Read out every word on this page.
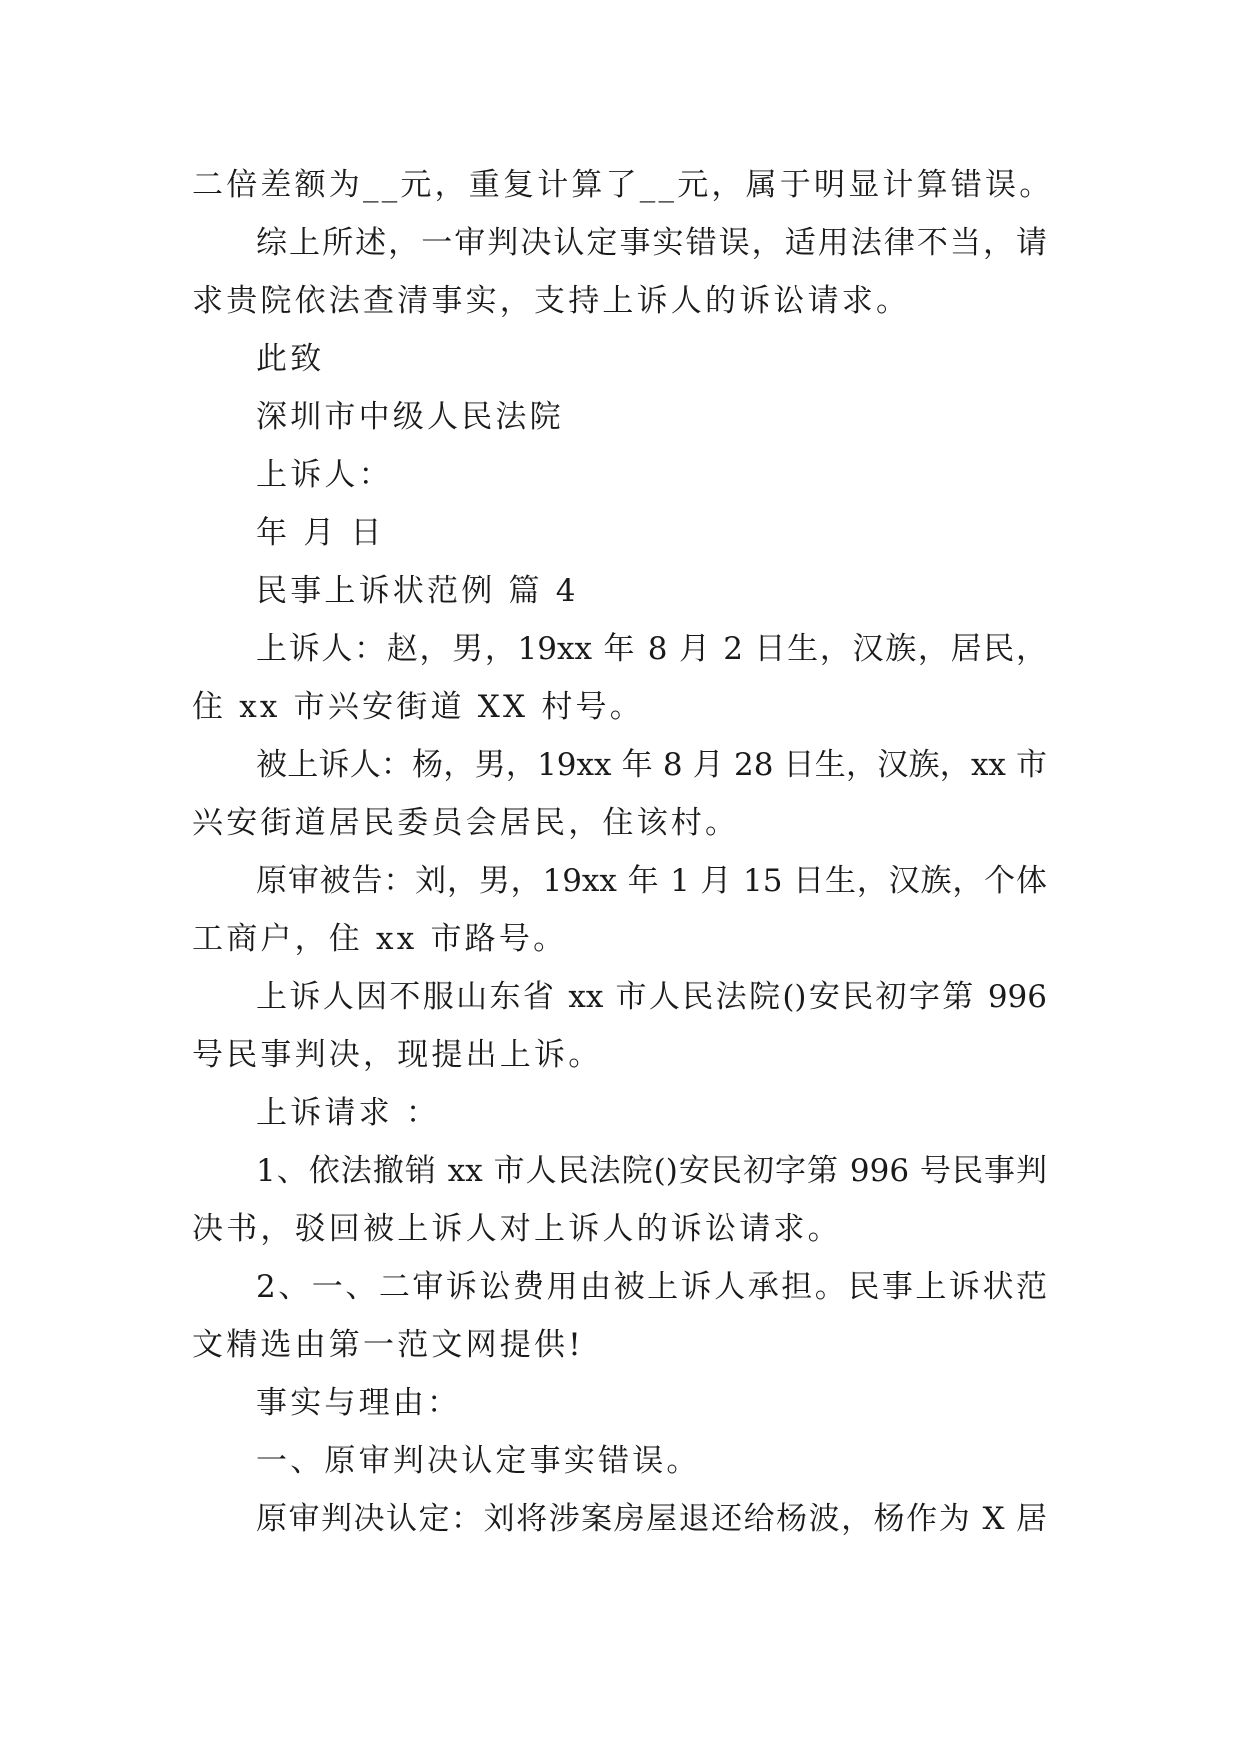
二倍差额为__元，重复计算了__元，属于明显计算错误。
综上所述，一审判决认定事实错误，适用法律不当，请
求贵院依法查清事实，支持上诉人的诉讼请求。
此致
深圳市中级人民法院
上诉人：
年 月 日
民事上诉状范例 篇 4
上诉人：赵，男，19xx 年 8 月 2 日生，汉族，居民，
住 xx 市兴安街道 XX 村号。
被上诉人：杨，男，19xx 年 8 月 28 日生，汉族，xx 市
兴安街道居民委员会居民，住该村。
原审被告：刘，男，19xx 年 1 月 15 日生，汉族，个体
工商户，住 xx 市路号。
上诉人因不服山东省 xx 市人民法院()安民初字第 996
号民事判决，现提出上诉。
上诉请求 ：
1、依法撤销 xx 市人民法院()安民初字第 996 号民事判
决书，驳回被上诉人对上诉人的诉讼请求。
2、一、二审诉讼费用由被上诉人承担。民事上诉状范
文精选由第一范文网提供!
事实与理由：
一、原审判决认定事实错误。
原审判决认定：刘将涉案房屋退还给杨波，杨作为 X 居
